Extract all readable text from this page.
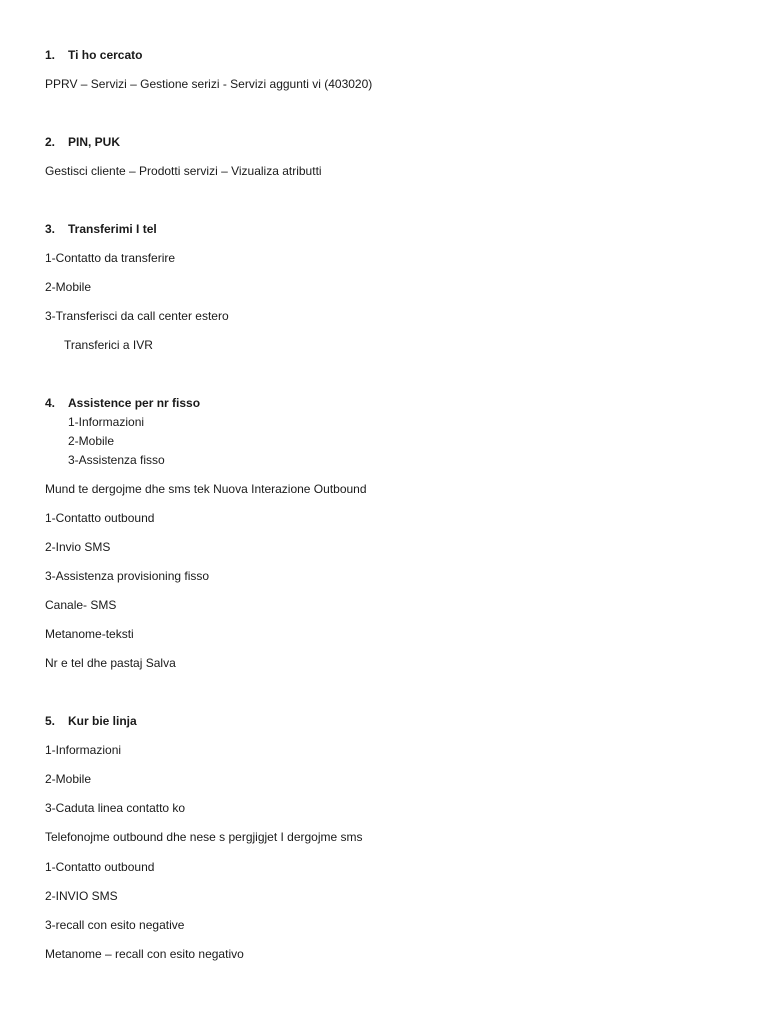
1. Ti ho cercato
PPRV – Servizi – Gestione serizi - Servizi aggunti vi (403020)
2. PIN, PUK
Gestisci cliente – Prodotti servizi – Vizualiza atributti
3. Transferimi I tel
1-Contatto da transferire
2-Mobile
3-Transferisci da call center estero
Transferici a IVR
4. Assistence per nr fisso
1-Informazioni
2-Mobile
3-Assistenza fisso
Mund te dergojme dhe sms tek Nuova Interazione Outbound
1-Contatto outbound
2-Invio SMS
3-Assistenza provisioning fisso
Canale- SMS
Metanome-teksti
Nr e tel dhe pastaj Salva
5. Kur bie linja
1-Informazioni
2-Mobile
3-Caduta linea contatto ko
Telefonojme outbound dhe nese s pergjigjet I dergojme sms
1-Contatto outbound
2-INVIO SMS
3-recall con esito negative
Metanome – recall con esito negativo
